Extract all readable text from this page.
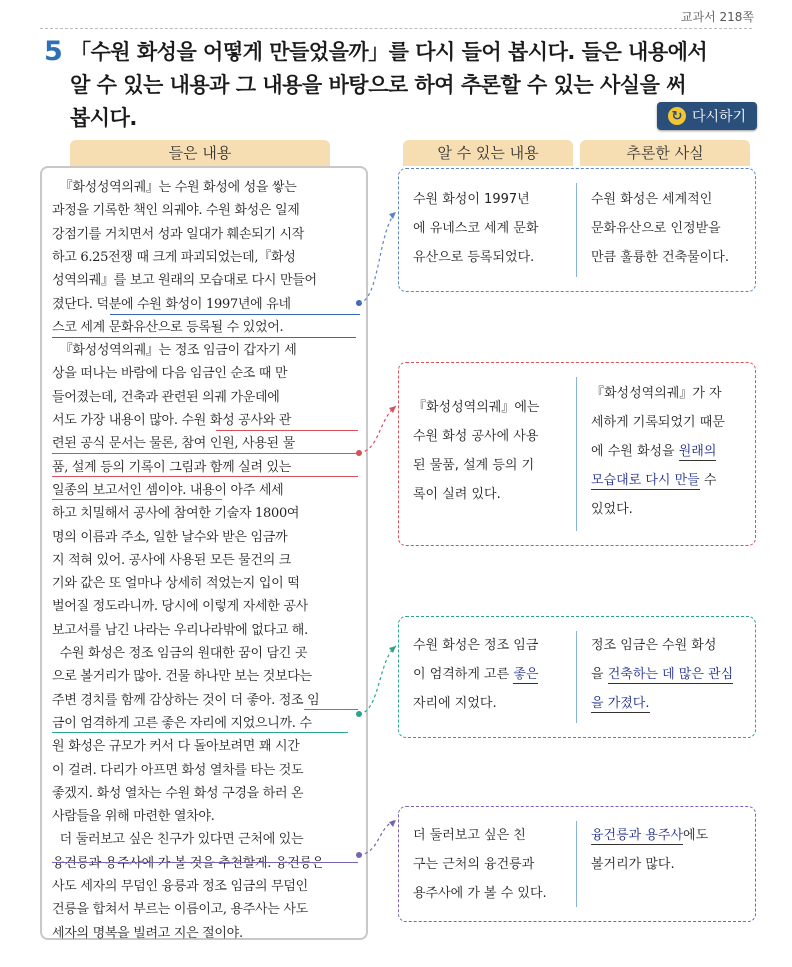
교과서 218쪽
5 「수원 화성을 어떻게 만들었을까」를 다시 들어 봅시다. 들은 내용에서
알 수 있는 내용과 그 내용을 바탕으로 하여 추론할 수 있는 사실을 써
봅시다.	↻ 다시하기
들은 내용	알 수 있는 내용	추론한 사실
『화성성역의궤』는 수원 화성에 성을 쌓는
과정을 기록한 책인 의궤야. 수원 화성은 일제
강점기를 거치면서 성과 일대가 훼손되기 시작
하고 6.25전쟁 때 크게 파괴되었는데,『화성
성역의궤』를 보고 원래의 모습대로 다시 만들어
졌단다. 덕분에 수원 화성이 1997년에 유네
스코 세계 문화유산으로 등록될 수 있었어.
『화성성역의궤』는 정조 임금이 갑자기 세
상을 떠나는 바람에 다음 임금인 순조 때 만
들어졌는데, 건축과 관련된 의궤 가운데에
서도 가장 내용이 많아. 수원 화성 공사와 관
련된 공식 문서는 물론, 참여 인원, 사용된 물
품, 설계 등의 기록이 그림과 함께 실려 있는
일종의 보고서인 셈이야. 내용이 아주 세세
하고 치밀해서 공사에 참여한 기술자 1800여
명의 이름과 주소, 일한 날수와 받은 임금까
지 적혀 있어. 공사에 사용된 모든 물건의 크
기와 값은 또 얼마나 상세히 적었는지 입이 떡
벌어질 정도라니까. 당시에 이렇게 자세한 공사
보고서를 남긴 나라는 우리나라밖에 없다고 해.
수원 화성은 정조 임금의 원대한 꿈이 담긴 곳
으로 볼거리가 많아. 건물 하나만 보는 것보다는
주변 경치를 함께 감상하는 것이 더 좋아. 정조 임
금이 엄격하게 고른 좋은 자리에 지었으니까. 수
원 화성은 규모가 커서 다 돌아보려면 꽤 시간
이 걸려. 다리가 아프면 화성 열차를 타는 것도
좋겠지. 화성 열차는 수원 화성 구경을 하러 온
사람들을 위해 마련한 열차야.
더 둘러보고 싶은 친구가 있다면 근처에 있는
융건릉과 용주사에 가 볼 것을 추천할게. 융건릉은
사도 세자의 무덤인 융릉과 정조 임금의 무덤인
건릉을 합쳐서 부르는 이름이고, 용주사는 사도
세자의 명복을 빌려고 지은 절이야.
수원 화성이 1997년
에 유네스코 세계 문화
유산으로 등록되었다.
수원 화성은 세계적인
문화유산으로 인정받을
만큼 훌륭한 건축물이다.
『화성성역의궤』에는
수원 화성 공사에 사용
된 물품, 설계 등의 기
록이 실려 있다.
『화성성역의궤』가 자
세하게 기록되었기 때문
에 수원 화성을 원래의
모습대로 다시 만들 수
있었다.
수원 화성은 정조 임금
이 엄격하게 고른 좋은
자리에 지었다.
정조 임금은 수원 화성
을 건축하는 데 많은 관심
을 가졌다.
더 둘러보고 싶은 친
구는 근처의 융건릉과
용주사에 가 볼 수 있다.
융건릉과 용주사에도
볼거리가 많다.
